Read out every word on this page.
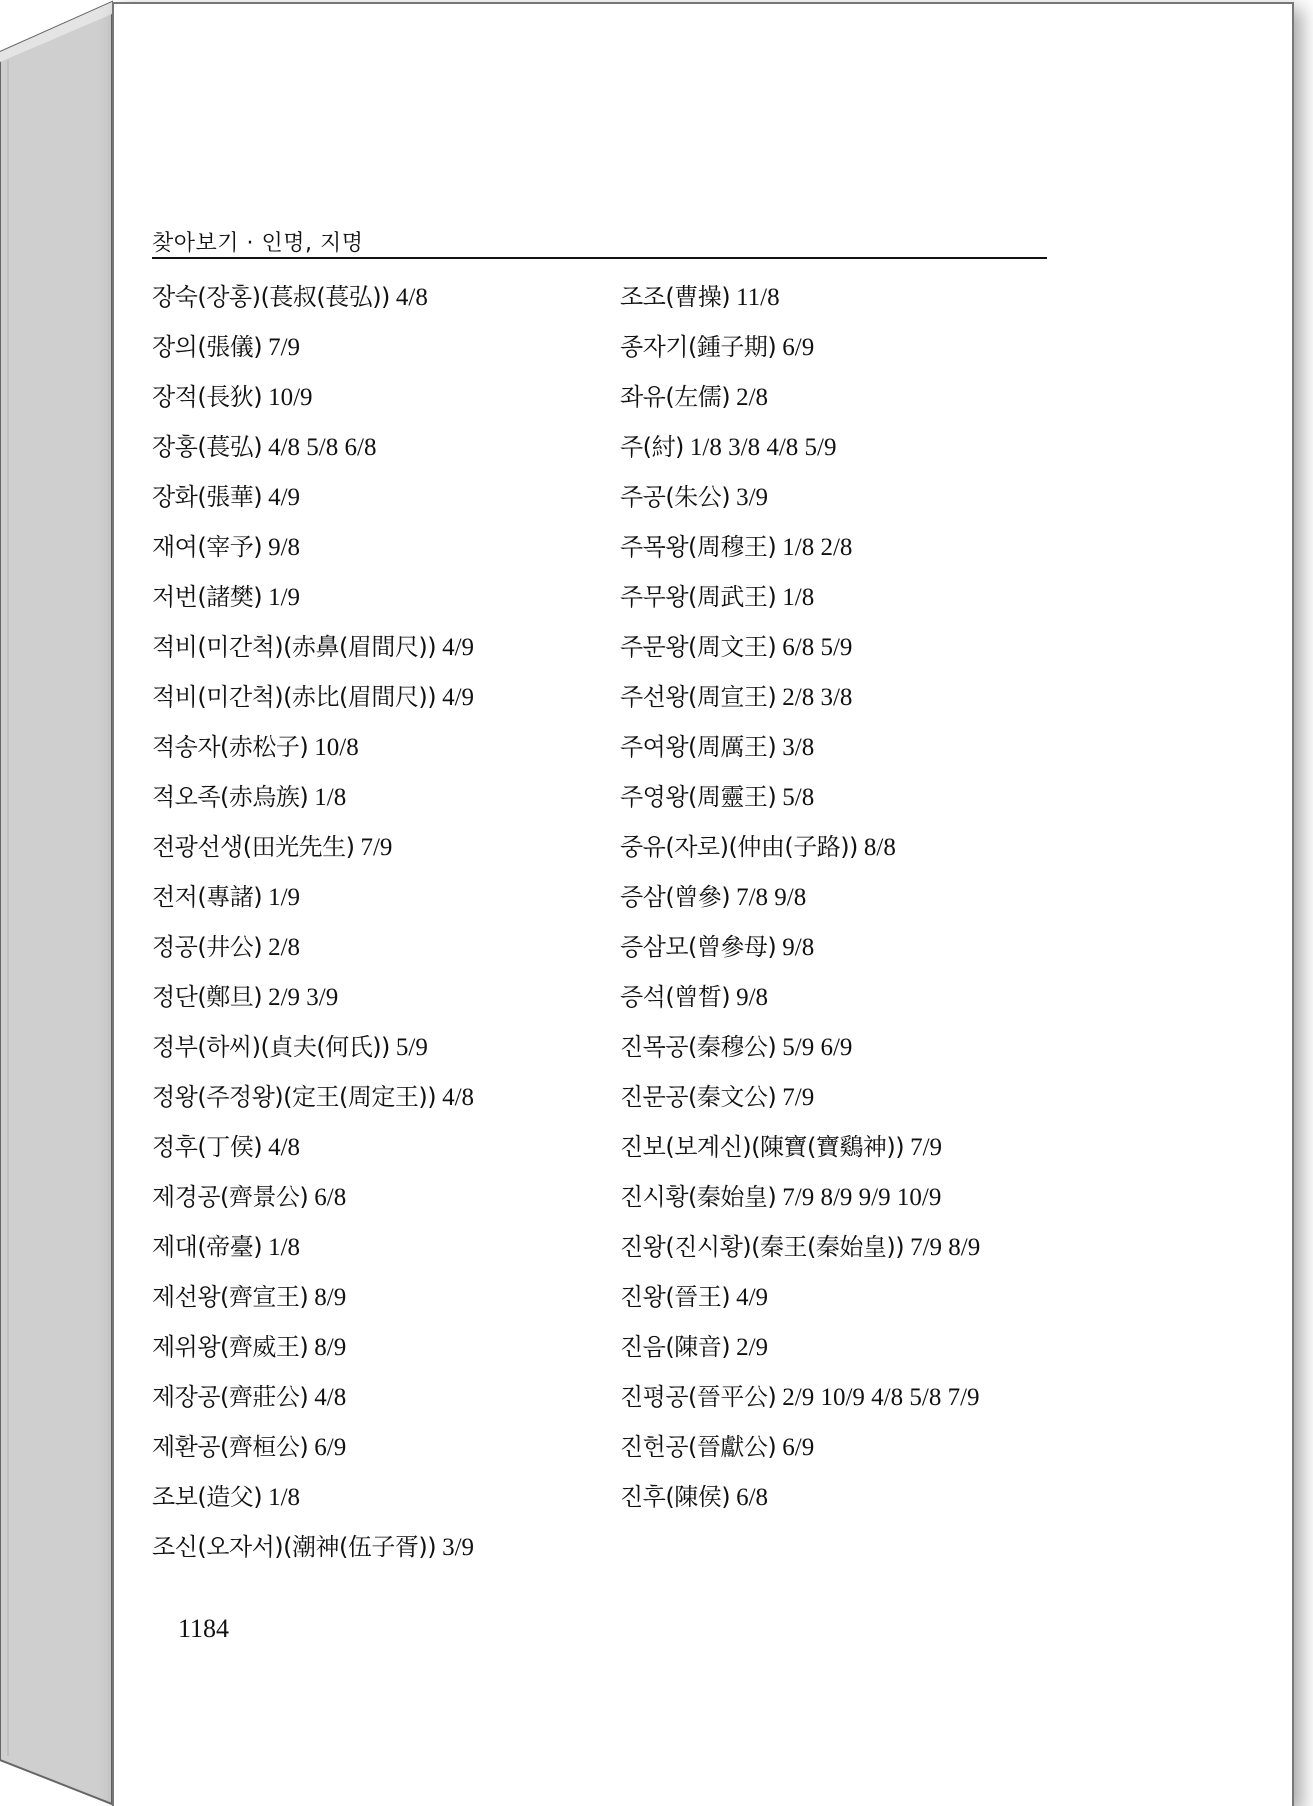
찾아보기 · 인명, 지명
장숙(장홍)(萇叔(萇弘)) 4/8
장의(張儀) 7/9
장적(長狄) 10/9
장홍(萇弘) 4/8 5/8 6/8
장화(張華) 4/9
재여(宰予) 9/8
저번(諸樊) 1/9
적비(미간척)(赤鼻(眉間尺)) 4/9
적비(미간척)(赤比(眉間尺)) 4/9
적송자(赤松子) 10/8
적오족(赤烏族) 1/8
전광선생(田光先生) 7/9
전저(專諸) 1/9
정공(井公) 2/8
정단(鄭旦) 2/9 3/9
정부(하씨)(貞夫(何氏)) 5/9
정왕(주정왕)(定王(周定王)) 4/8
정후(丁侯) 4/8
제경공(齊景公) 6/8
제대(帝臺) 1/8
제선왕(齊宣王) 8/9
제위왕(齊威王) 8/9
제장공(齊莊公) 4/8
제환공(齊桓公) 6/9
조보(造父) 1/8
조신(오자서)(潮神(伍子胥)) 3/9
조조(曹操) 11/8
종자기(鍾子期) 6/9
좌유(左儒) 2/8
주(紂) 1/8 3/8 4/8 5/9
주공(朱公) 3/9
주목왕(周穆王) 1/8 2/8
주무왕(周武王) 1/8
주문왕(周文王) 6/8 5/9
주선왕(周宣王) 2/8 3/8
주여왕(周厲王) 3/8
주영왕(周靈王) 5/8
중유(자로)(仲由(子路)) 8/8
증삼(曾參) 7/8 9/8
증삼모(曾參母) 9/8
증석(曾晳) 9/8
진목공(秦穆公) 5/9 6/9
진문공(秦文公) 7/9
진보(보계신)(陳寶(寶鷄神)) 7/9
진시황(秦始皇) 7/9 8/9 9/9 10/9
진왕(진시황)(秦王(秦始皇)) 7/9 8/9
진왕(晉王) 4/9
진음(陳音) 2/9
진평공(晉平公) 2/9 10/9 4/8 5/8 7/9
진헌공(晉獻公) 6/9
진후(陳侯) 6/8
1184
